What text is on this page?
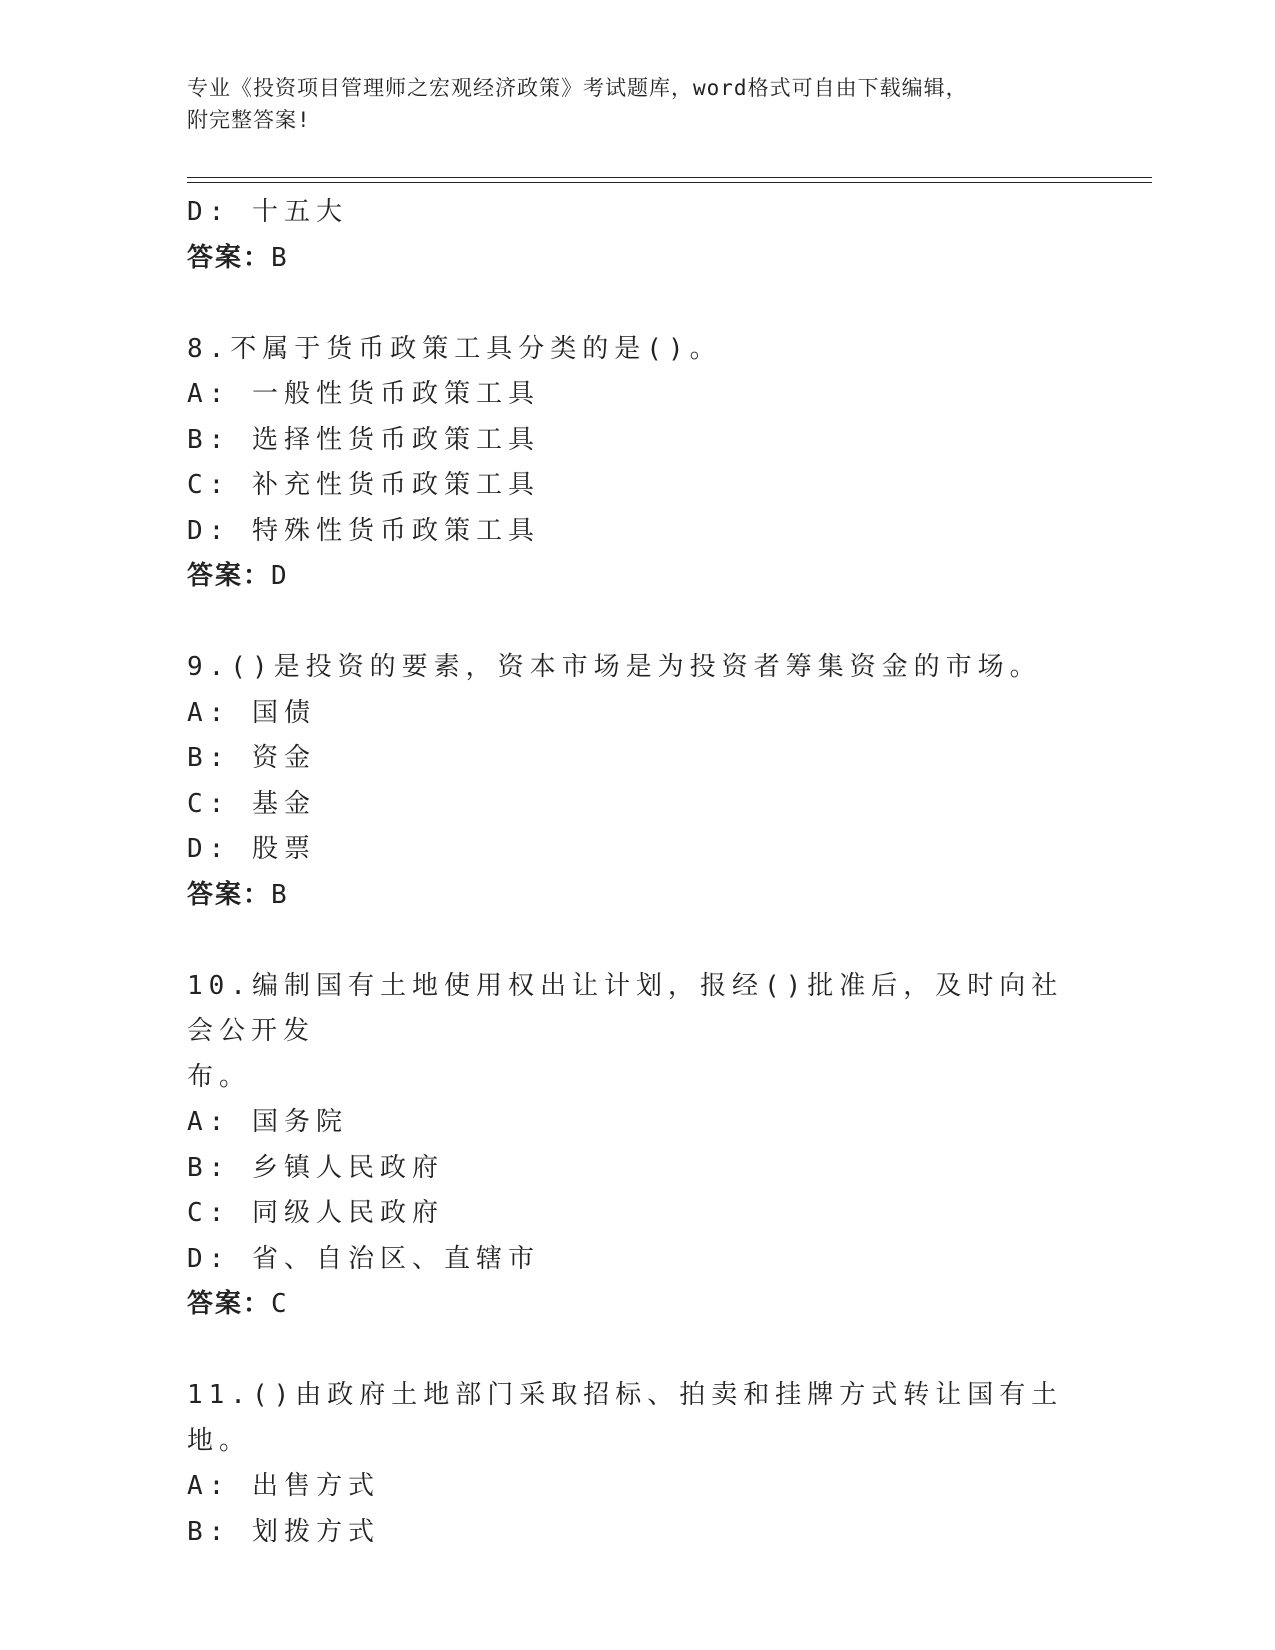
专业《投资项目管理师之宏观经济政策》考试题库，word格式可自由下载编辑，
附完整答案!
D: 十五大
答案：B
8.不属于货币政策工具分类的是()。
A: 一般性货币政策工具
B: 选择性货币政策工具
C: 补充性货币政策工具
D: 特殊性货币政策工具
答案：D
9.()是投资的要素，资本市场是为投资者筹集资金的市场。
A: 国债
B: 资金
C: 基金
D: 股票
答案：B
10.编制国有土地使用权出让计划，报经()批准后，及时向社会公开发
布。
A: 国务院
B: 乡镇人民政府
C: 同级人民政府
D: 省、自治区、直辖市
答案：C
11.()由政府土地部门采取招标、拍卖和挂牌方式转让国有土地。
A: 出售方式
B: 划拨方式
